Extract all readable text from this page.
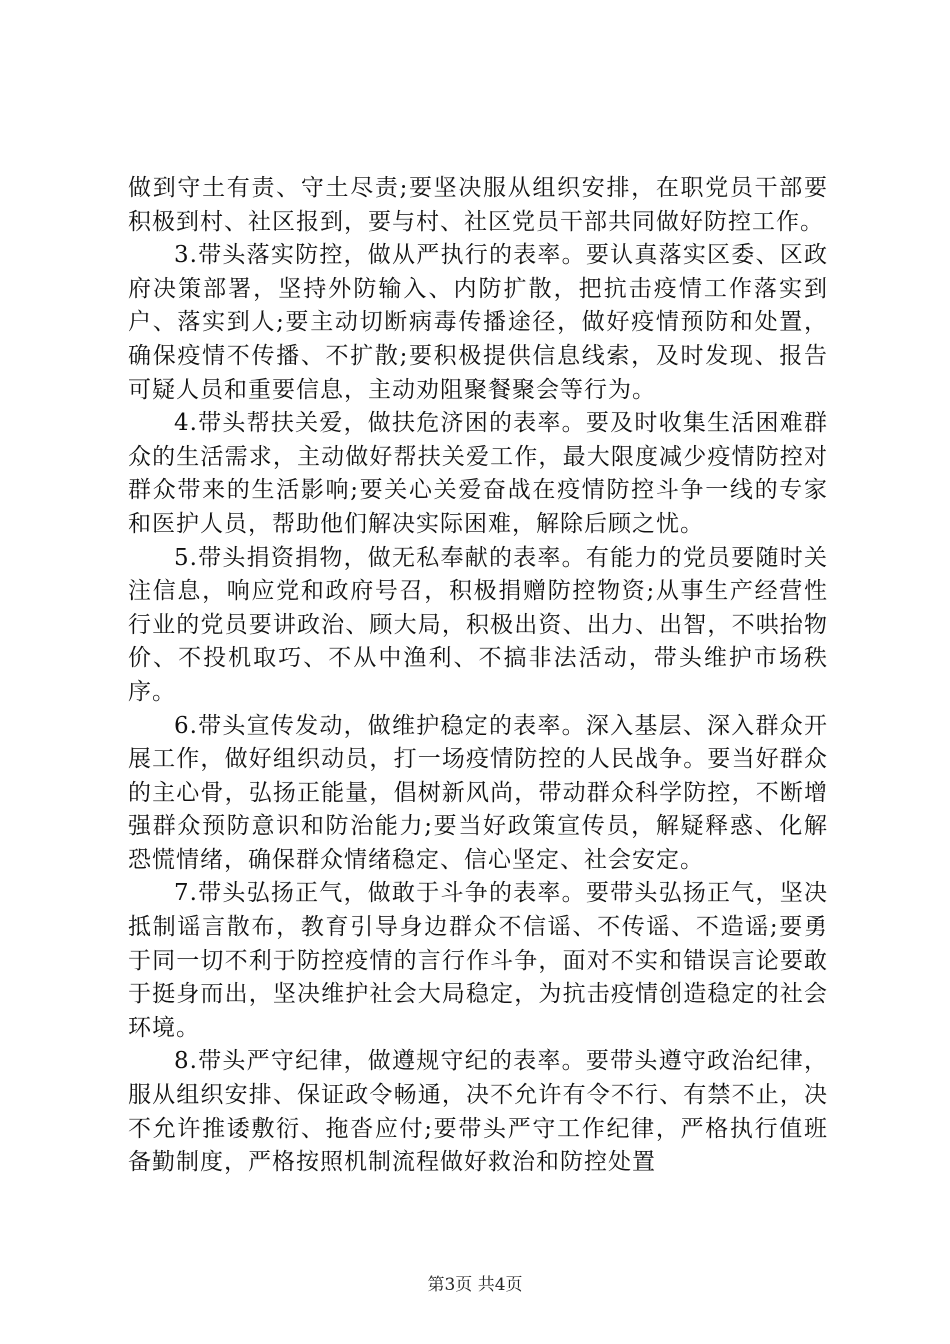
做到守土有责、守土尽责;要坚决服从组织安排，在职党员干部要积极到村、社区报到，要与村、社区党员干部共同做好防控工作。

3.带头落实防控，做从严执行的表率。要认真落实区委、区政府决策部署，坚持外防输入、内防扩散，把抗击疫情工作落实到户、落实到人;要主动切断病毒传播途径，做好疫情预防和处置，确保疫情不传播、不扩散;要积极提供信息线索，及时发现、报告可疑人员和重要信息，主动劝阻聚餐聚会等行为。

4.带头帮扶关爱，做扶危济困的表率。要及时收集生活困难群众的生活需求，主动做好帮扶关爱工作，最大限度减少疫情防控对群众带来的生活影响;要关心关爱奋战在疫情防控斗争一线的专家和医护人员，帮助他们解决实际困难，解除后顾之忧。

5.带头捐资捐物，做无私奉献的表率。有能力的党员要随时关注信息，响应党和政府号召，积极捐赠防控物资;从事生产经营性行业的党员要讲政治、顾大局，积极出资、出力、出智，不哄抬物价、不投机取巧、不从中渔利、不搞非法活动，带头维护市场秩序。

6.带头宣传发动，做维护稳定的表率。深入基层、深入群众开展工作，做好组织动员，打一场疫情防控的人民战争。要当好群众的主心骨，弘扬正能量，倡树新风尚，带动群众科学防控，不断增强群众预防意识和防治能力;要当好政策宣传员，解疑释惑、化解恐慌情绪，确保群众情绪稳定、信心坚定、社会安定。

7.带头弘扬正气，做敢于斗争的表率。要带头弘扬正气，坚决抵制谣言散布，教育引导身边群众不信谣、不传谣、不造谣;要勇于同一切不利于防控疫情的言行作斗争，面对不实和错误言论要敢于挺身而出，坚决维护社会大局稳定，为抗击疫情创造稳定的社会环境。

8.带头严守纪律，做遵规守纪的表率。要带头遵守政治纪律，服从组织安排、保证政令畅通，决不允许有令不行、有禁不止，决不允许推诿敷衍、拖沓应付;要带头严守工作纪律，严格执行值班备勤制度，严格按照机制流程做好救治和防控处置

第3页 共4页
